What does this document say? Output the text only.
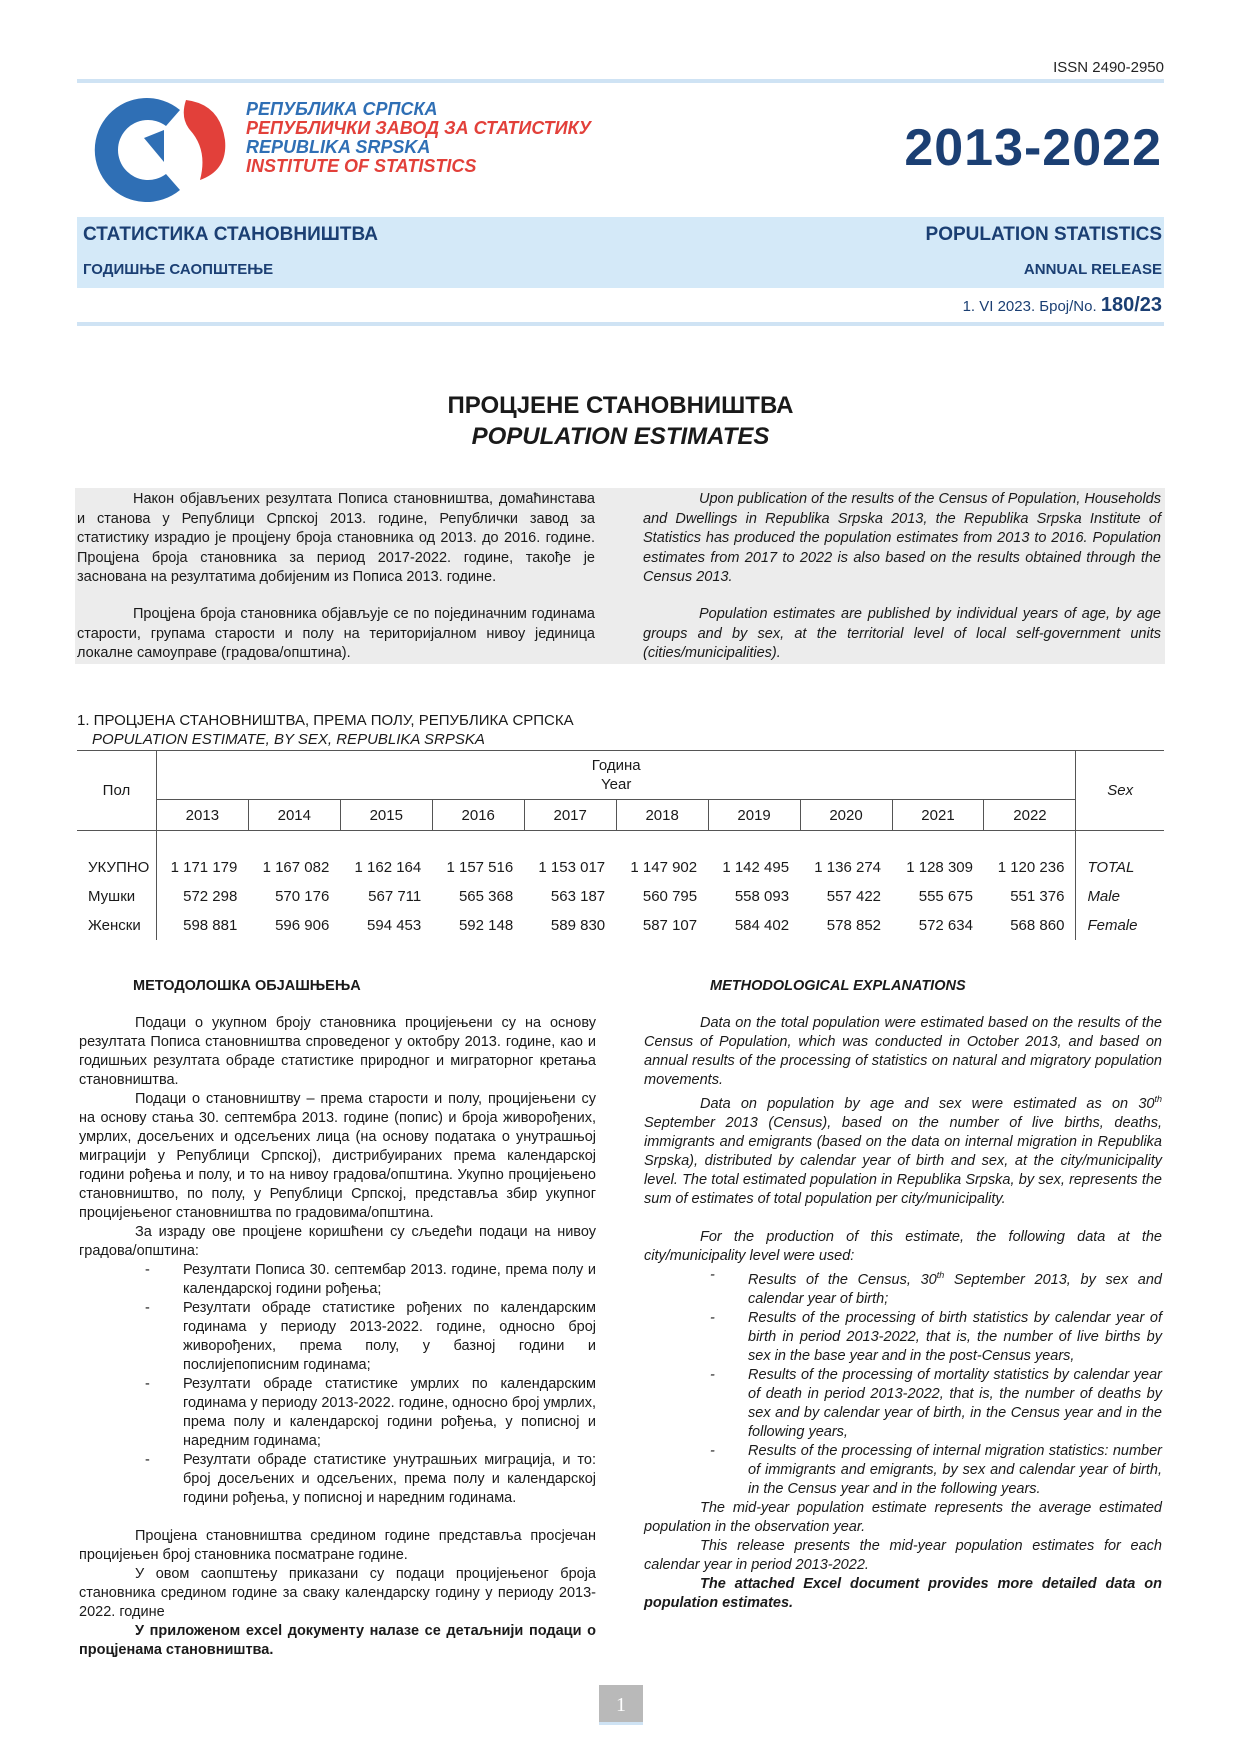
ISSN 2490-2950
РЕПУБЛИКА СРПСКА
РЕПУБЛИЧКИ ЗАВОД ЗА СТАТИСТИКУ
REPUBLIKA SRPSKA
INSTITUTE OF STATISTICS	2013-2022
СТАТИСТИКА СТАНОВНИШТВА
ГОДИШЊЕ САОПШТЕЊЕ
POPULATION STATISTICS
ANNUAL RELEASE
1. VI 2023. Број/No. 180/23
ПРОЦЈЕНЕ СТАНОВНИШТВА
POPULATION ESTIMATES

Након објављених резултата Пописа становништва, домаћинстава и станова у Републици Српској 2013. године, Републички завод за статистику израдио је процјену броја становника од 2013. до 2016. године. Процјена броја становника за период 2017-2022. године, такође је заснована на резултатима добијеним из Пописа 2013. године.

Процјена броја становника објављује се по појединачним годинама старости, групама старости и полу на територијалном нивоу јединица локалне самоуправе (градова/општина).

Upon publication of the results of the Census of Population, Households and Dwellings in Republika Srpska 2013, the Republika Srpska Institute of Statistics has produced the population estimates from 2013 to 2016. Population estimates from 2017 to 2022 is also based on the results obtained through the Census 2013.

Population estimates are published by individual years of age, by age groups and by sex, at the territorial level of local self-government units (cities/municipalities).

1. ПРОЦЈЕНА СТАНОВНИШТВА, ПРЕМА ПОЛУ, РЕПУБЛИКА СРПСКА
POPULATION ESTIMATE, BY SEX, REPUBLIKA SRPSKA
Пол	Година
Year										Sex
	2013	2014	2015	2016	2017	2018	2019	2020	2021	2022	

УКУПНО	1 171 179	1 167 082	1 162 164	1 157 516	1 153 017	1 147 902	1 142 495	1 136 274	1 128 309	1 120 236	TOTAL
Мушки	572 298	570 176	567 711	565 368	563 187	560 795	558 093	557 422	555 675	551 376	Male
Женски	598 881	596 906	594 453	592 148	589 830	587 107	584 402	578 852	572 634	568 860	Female
МЕТОДОЛОШКА ОБЈАШЊЕЊА	METHODOLOGICAL EXPLANATIONS

Подаци о укупном броју становника процијењени су на основу резултата Пописа становништва спроведеног у октобру 2013. године, као и годишњих резултата обраде статистике природног и миграторног кретања становништва.

Подаци о становништву – према старости и полу, процијењени су на основу стања 30. септембра 2013. године (попис) и броја живорођених, умрлих, досељених и одсељених лица (на основу података о унутрашњој миграцији у Републици Српској), дистрибуираних према календарској години рођења и полу, и то на нивоу градова/општина. Укупно процијењено становништво, по полу, у Републици Српској, представља збир укупног процијењеног становништва по градовима/општина.

За израду ове процјене коришћени су сљедећи подаци на нивоу градова/општина:

- Резултати Пописа 30. септембар 2013. године, према полу и календарској години рођења;
- Резултати обраде статистике рођених по календарским годинама у периоду 2013-2022. године, односно број живорођених, према полу, у базној години и послијепописним годинама;
- Резултати обраде статистике умрлих по календарским годинама у периоду 2013-2022. године, односно број умрлих, према полу и календарској години рођења, у пописној и наредним годинама;
- Резултати обраде статистике унутрашњих миграција, и то: број досељених и одсељених, према полу и календарској години рођења, у пописној и наредним годинама.

Процјена становништва средином године представља просјечан процијењен број становника посматране године.

У овом саопштењу приказани су подаци процијењеног броја становника средином године за сваку календарску годину у периоду 2013-2022. године

У приложеном excel документу налазе се детаљнији подаци о процјенама становништва.

Data on the total population were estimated based on the results of the Census of Population, which was conducted in October 2013, and based on annual results of the processing of statistics on natural and migratory population movements.

Data on population by age and sex were estimated as on 30th September 2013 (Census), based on the number of live births, deaths, immigrants and emigrants (based on the data on internal migration in Republika Srpska), distributed by calendar year of birth and sex, at the city/municipality level. The total estimated population in Republika Srpska, by sex, represents the sum of estimates of total population per city/municipality.

For the production of this estimate, the following data at the city/municipality level were used:

- Results of the Census, 30th September 2013, by sex and calendar year of birth;
- Results of the processing of birth statistics by calendar year of birth in period 2013-2022, that is, the number of live births by sex in the base year and in the post-Census years,
- Results of the processing of mortality statistics by calendar year of death in period 2013-2022, that is, the number of deaths by sex and by calendar year of birth, in the Census year and in the following years,
- Results of the processing of internal migration statistics: number of immigrants and emigrants, by sex and calendar year of birth, in the Census year and in the following years.

The mid-year population estimate represents the average estimated population in the observation year.

This release presents the mid-year population estimates for each calendar year in period 2013-2022.

The attached Excel document provides more detailed data on population estimates.

1
